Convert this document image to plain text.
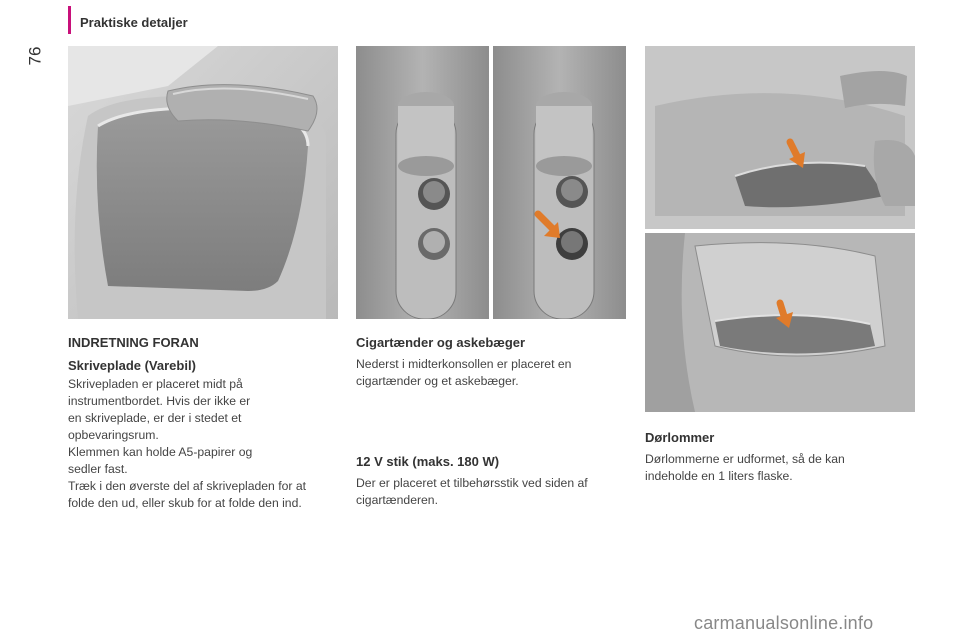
Praktiske detaljer
76
INDRETNING FORAN
Skriveplade (Varebil)

Skrivepladen er placeret midt på
instrumentbordet. Hvis der ikke er
en skriveplade, er der i stedet et
opbevaringsrum.
Klemmen kan holde A5-papirer og
sedler fast.
Træk i den øverste del af skrivepladen for at
folde den ud, eller skub for at folde den ind.

Cigartænder og askebæger

Nederst i midterkonsollen er placeret en
cigartænder og et askebæger.

12 V stik (maks. 180 W)

Der er placeret et tilbehørsstik ved siden af
cigartænderen.

Dørlommer

Dørlommerne er udformet, så de kan
indeholde en 1 liters flaske.

carmanualsonline.info
